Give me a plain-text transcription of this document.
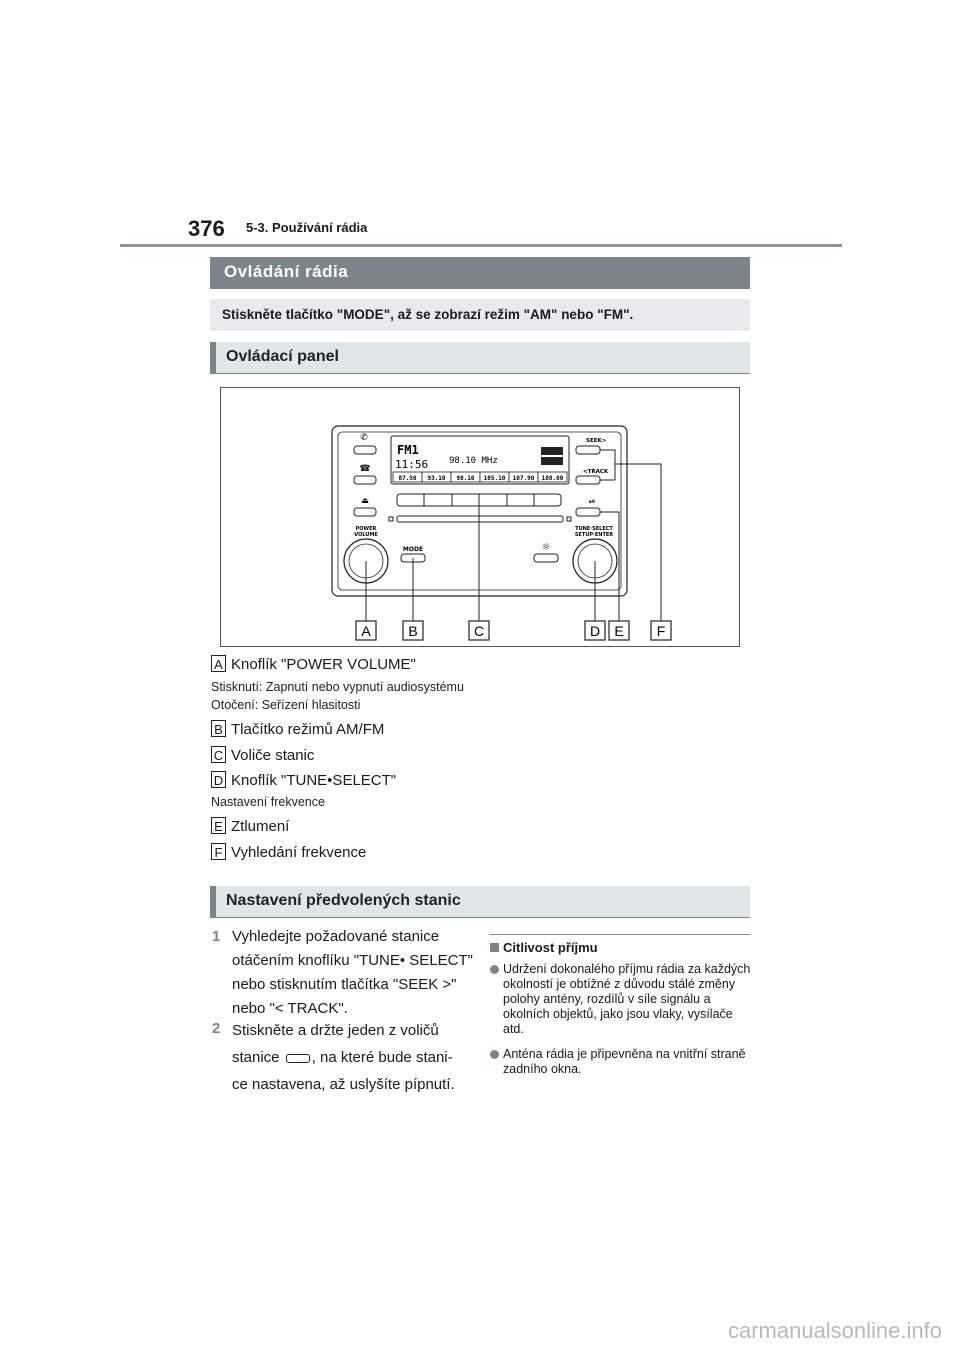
376 5-3. Používání rádia
Ovládání rádia
Stiskněte tlačítko "MODE", až se zobrazí režim "AM" nebo "FM".
Ovládací panel
✆
☎
⏏
POWER
VOLUME
FM1
11:56 98.10 MHz
87.50 93.10 98.10 105.10 107.90 108.00
MODE	☼
SEEK>
<TRACK
⏯
TUNE·SELECT
SETUP·ENTER
A	B	C	D E F
A Knoflík "POWER VOLUME"
Stisknutí: Zapnutí nebo vypnutí audiosystému
Otočení: Seřízení hlasitosti
B Tlačítko režimů AM/FM
C Voliče stanic
D Knoflík "TUNE•SELECT"
Nastavení frekvence
E Ztlumení
F Vyhledání frekvence
Nastavení předvolených stanic
1 Vyhledejte požadované stanice otáčením knoflíku "TUNE• SELECT" nebo stisknutím tlačítka "SEEK >" nebo "< TRACK".
2 Stiskněte a držte jeden z voličů
stanice , na které bude stani-
ce nastavena, až uslyšíte pípnutí.
Citlivost příjmu
Udržení dokonalého příjmu rádia za každých okolností je obtížné z důvodu stálé změny polohy antény, rozdílů v síle signálu a okolních objektů, jako jsou vlaky, vysílače atd.
Anténa rádia je připevněna na vnitřní straně zadního okna.
carmanualsonline.info
